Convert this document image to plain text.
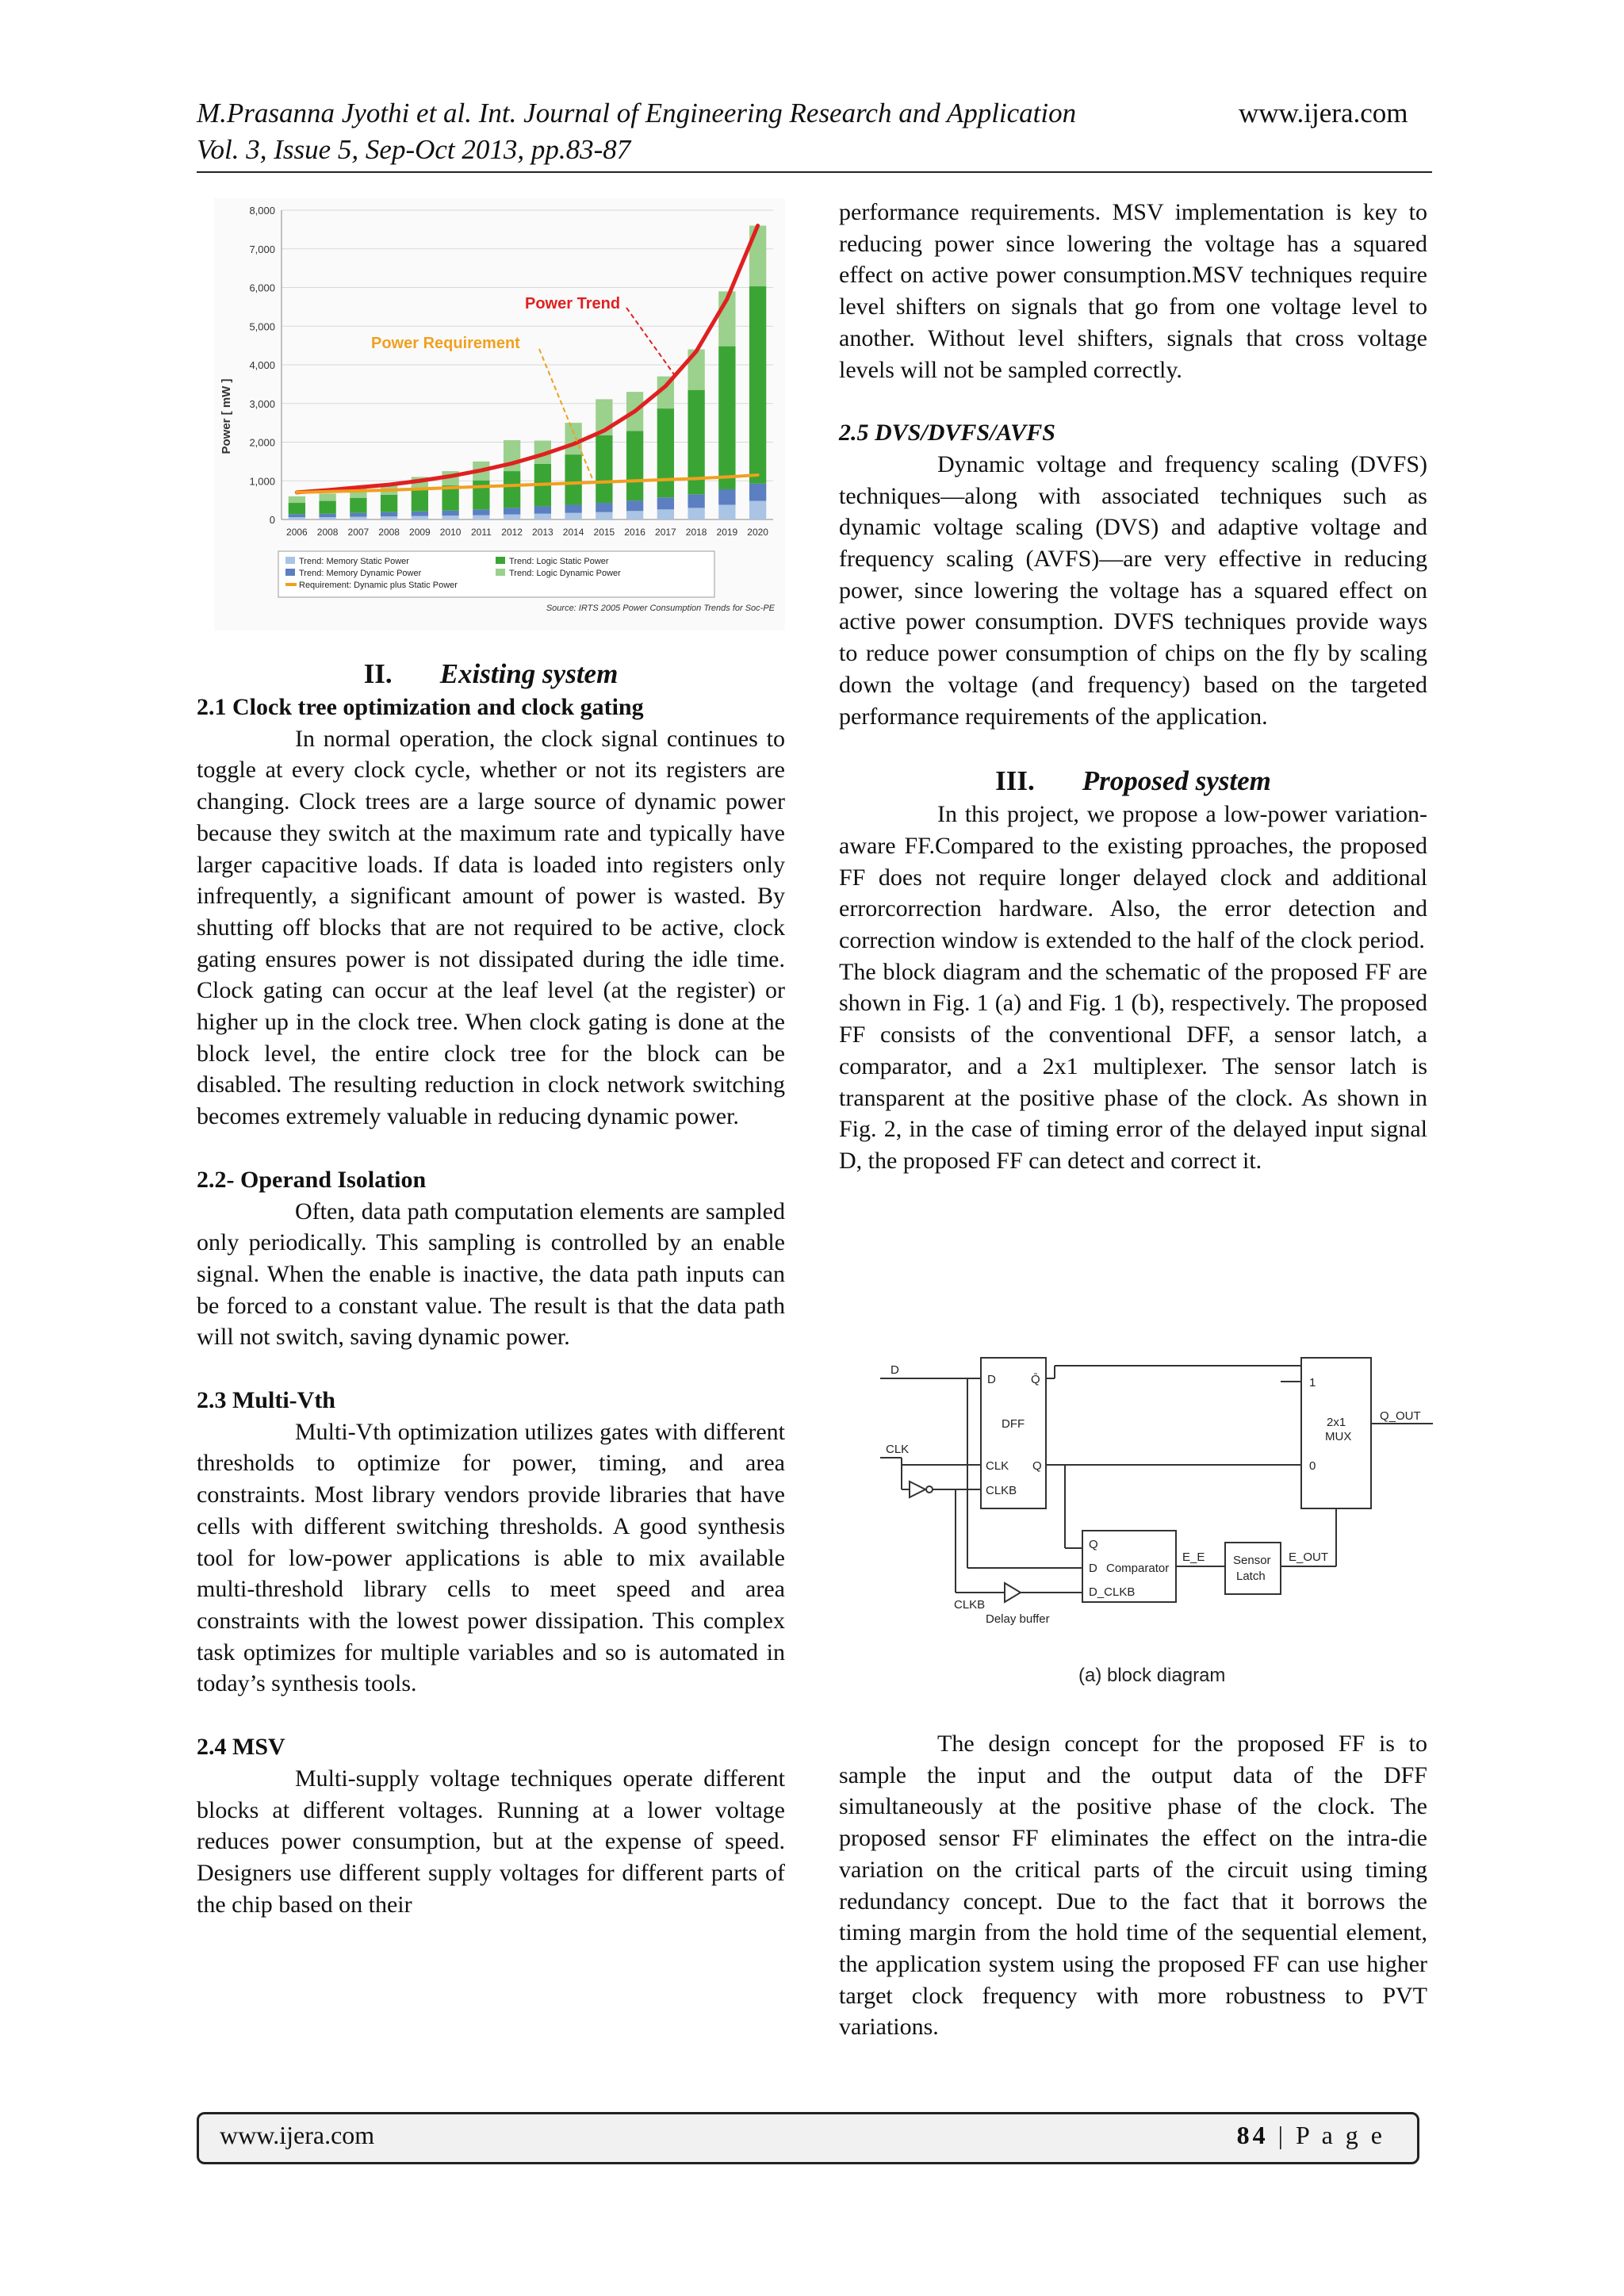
M.Prasanna Jyothi et al. Int. Journal of Engineering Research and Application	www.ijera.com
Vol. 3, Issue 5, Sep-Oct 2013, pp.83-87
0
1,000
2,000
3,000
4,000
5,000
6,000
7,000
8,000
Power [ mW ]
2006 2008 2007 2008 2009 2010 2011 2012 2013 2014 2015 2016 2017 2018 2019 2020
Power Trend
Power Requirement
Trend: Memory Static Power	Trend: Logic Static Power
Trend: Memory Dynamic Power	Trend: Logic Dynamic Power
Requirement: Dynamic plus Static Power
Source: IRTS 2005 Power Consumption Trends for Soc-PE

II. Existing system

2.1 Clock tree optimization and clock gating

In normal operation, the clock signal continues to toggle at every clock cycle, whether or not its registers are changing. Clock trees are a large source of dynamic power because they switch at the maximum rate and typically have larger capacitive loads. If data is loaded into registers only infrequently, a significant amount of power is wasted. By shutting off blocks that are not required to be active, clock gating ensures power is not dissipated during the idle time. Clock gating can occur at the leaf level (at the register) or higher up in the clock tree. When clock gating is done at the block level, the entire clock tree for the block can be disabled. The resulting reduction in clock network switching becomes extremely valuable in reducing dynamic power.

2.2- Operand Isolation

Often, data path computation elements are sampled only periodically. This sampling is controlled by an enable signal. When the enable is inactive, the data path inputs can be forced to a constant value. The result is that the data path will not switch, saving dynamic power.

2.3 Multi-Vth

Multi-Vth optimization utilizes gates with different thresholds to optimize for power, timing, and area constraints. Most library vendors provide libraries that have cells with different switching thresholds. A good synthesis tool for low-power applications is able to mix available multi-threshold library cells to meet speed and area constraints with the lowest power dissipation. This complex task optimizes for multiple variables and so is automated in today’s synthesis tools.

2.4 MSV

Multi-supply voltage techniques operate different blocks at different voltages. Running at a lower voltage reduces power consumption, but at the expense of speed. Designers use different supply voltages for different parts of the chip based on their

performance requirements. MSV implementation is key to reducing power since lowering the voltage has a squared effect on active power consumption.MSV techniques require level shifters on signals that go from one voltage level to another. Without level shifters, signals that cross voltage levels will not be sampled correctly.

2.5 DVS/DVFS/AVFS

Dynamic voltage and frequency scaling (DVFS) techniques—along with associated techniques such as dynamic voltage scaling (DVS) and adaptive voltage and frequency scaling (AVFS)—are very effective in reducing power, since lowering the voltage has a squared effect on active power consumption. DVFS techniques provide ways to reduce power consumption of chips on the fly by scaling down the voltage (and frequency) based on the targeted performance requirements of the application.

III. Proposed system

In this project, we propose a low-power variation-aware FF.Compared to the existing pproaches, the proposed FF does not require longer delayed clock and additional errorcorrection hardware. Also, the error detection and correction window is extended to the half of the clock period.

The block diagram and the schematic of the proposed FF are shown in Fig. 1 (a) and Fig. 1 (b), respectively. The proposed FF consists of the conventional DFF, a sensor latch, a comparator, and a 2x1 multiplexer. The sensor latch is transparent at the positive phase of the clock. As shown in Fig. 2, in the case of timing error of the delayed input signal D, the proposed FF can detect and correct it.

D
CLK
D	Q̄
DFF
CLK Q
CLKB
1
0
2x1
MUX
Q_OUT
Q
D Comparator
D_CLKB
E_E Sensor
Latch
E_OUT
CLKB
Delay buffer
(a) block diagram

The design concept for the proposed FF is to sample the input and the output data of the DFF simultaneously at the positive phase of the clock. The proposed sensor FF eliminates the effect on the intra-die variation on the critical parts of the circuit using timing redundancy concept. Due to the fact that it borrows the timing margin from the hold time of the sequential element, the application system using the proposed FF can use higher target clock frequency with more robustness to PVT variations.

www.ijera.com	84 | P a g e
